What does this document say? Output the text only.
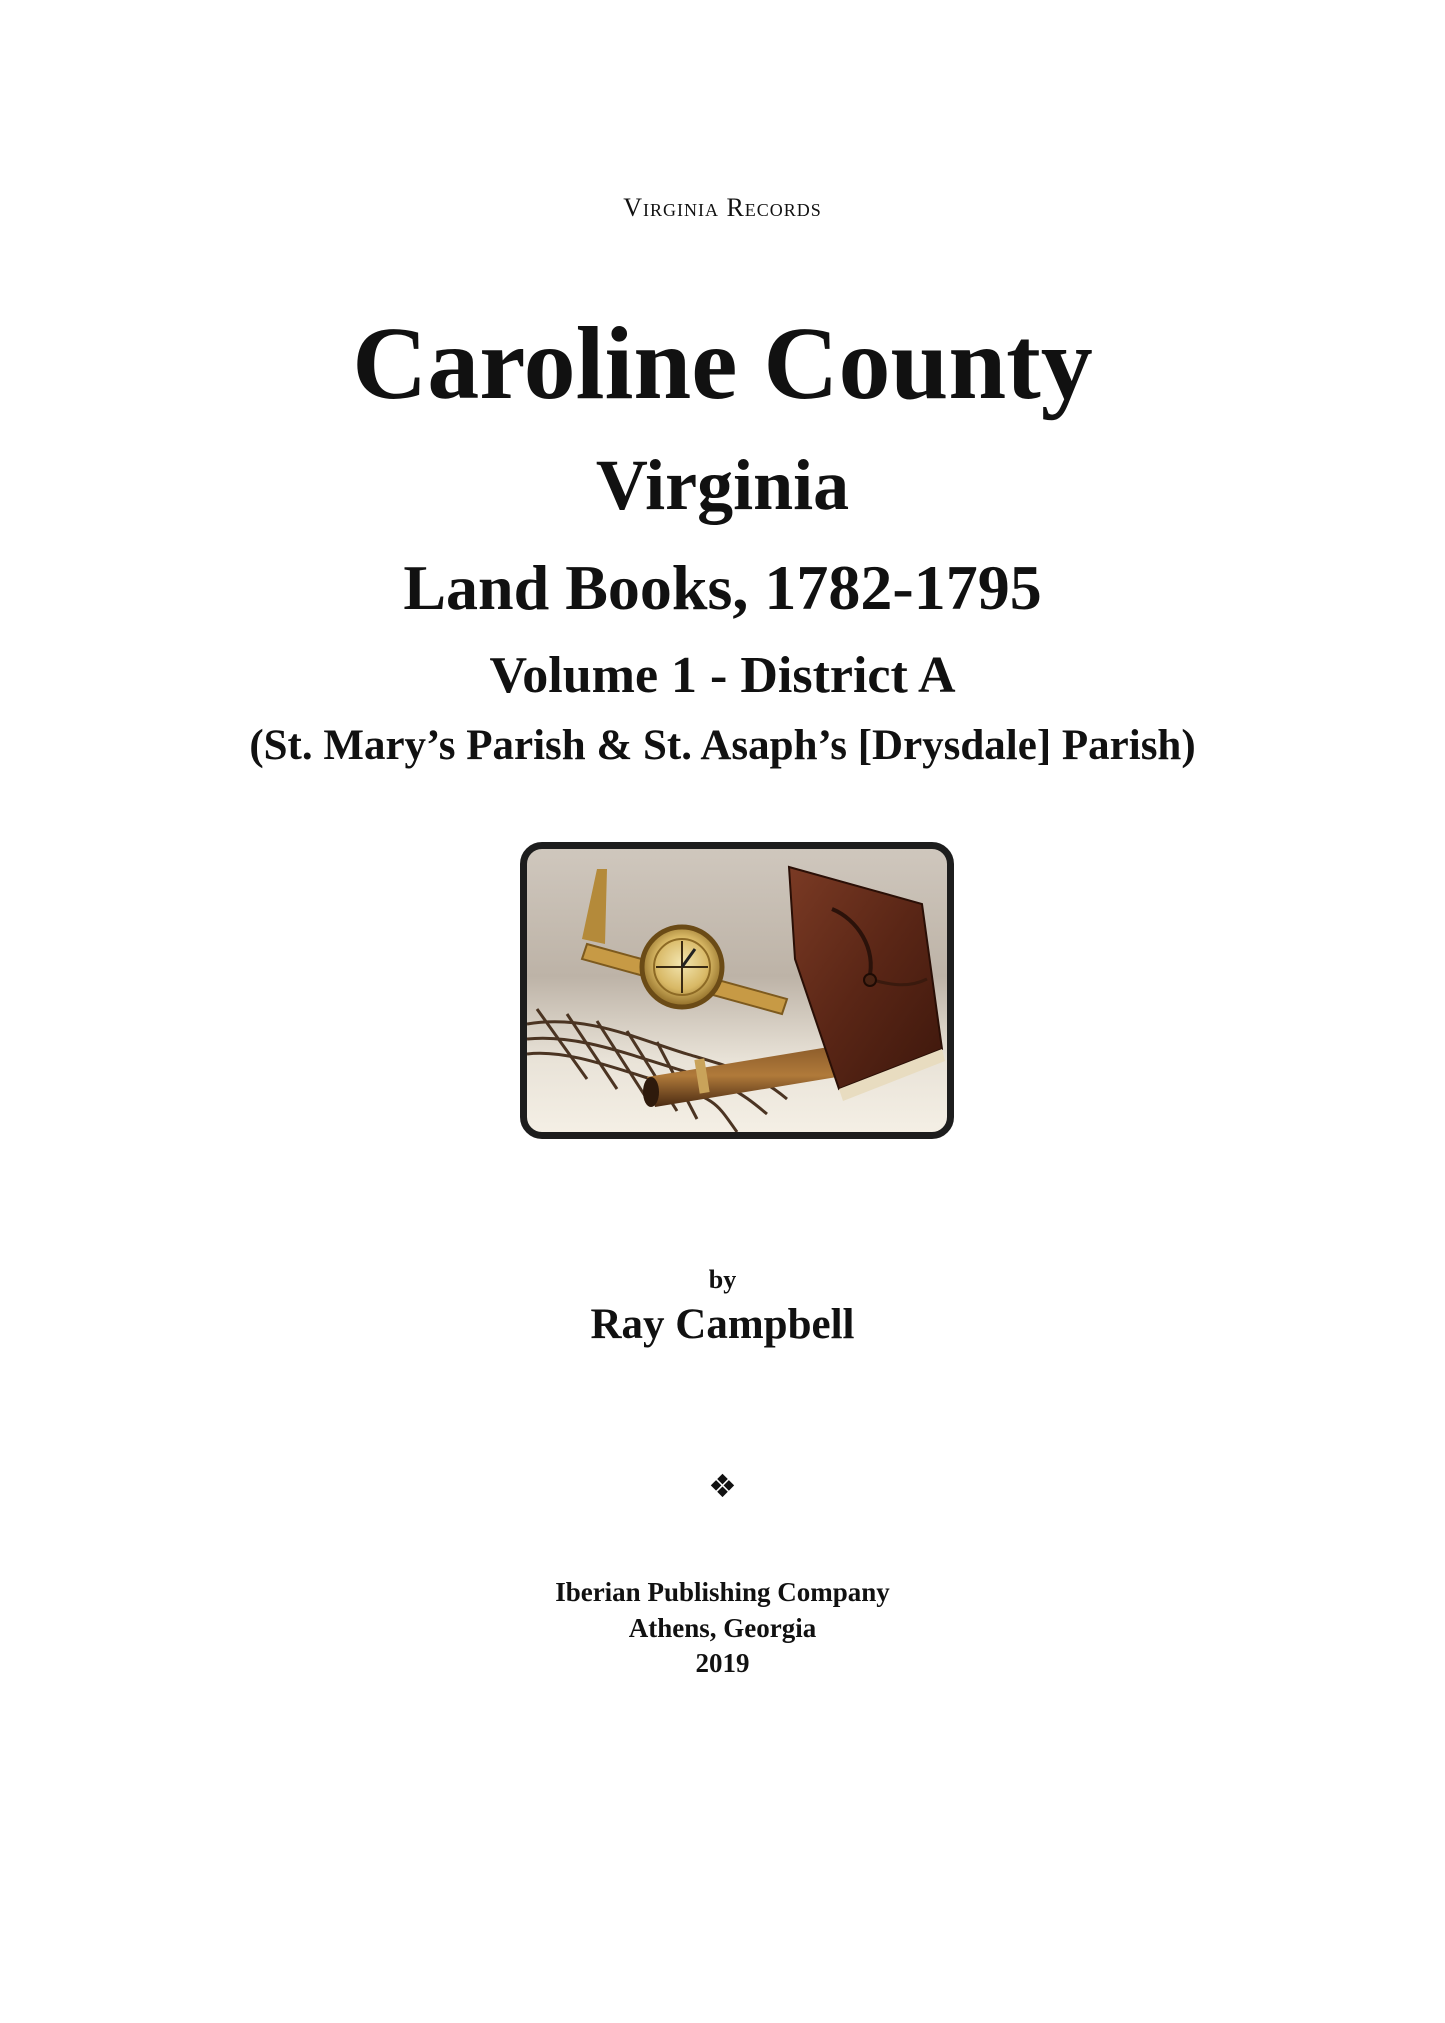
Virginia Records
Caroline County
Virginia
Land Books, 1782-1795
Volume 1 - District A
(St. Mary’s Parish & St. Asaph’s [Drysdale] Parish)
by
Ray Campbell
❖
Iberian Publishing Company
Athens, Georgia
2019
